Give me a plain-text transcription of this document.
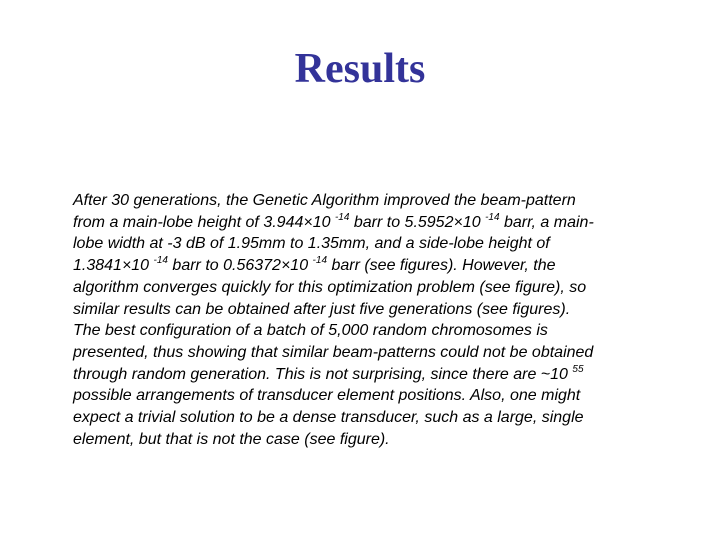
Results
After 30 generations, the Genetic Algorithm improved the beam-pattern
from a main-lobe height of 3.944×10 $^{-14}$ barr to 5.5952×10 $^{-14}$ barr, a main-
lobe width at -3 dB of 1.95mm to 1.35mm, and a side-lobe height of
1.3841×10 $^{-14}$ barr to 0.56372×10 $^{-14}$ barr (see figures). However, the
algorithm converges quickly for this optimization problem (see figure), so
similar results can be obtained after just five generations (see figures).
The best configuration of a batch of 5,000 random chromosomes is
presented, thus showing that similar beam-patterns could not be obtained
through random generation. This is not surprising, since there are ~10 $^{55}$
possible arrangements of transducer element positions. Also, one might
expect a trivial solution to be a dense transducer, such as a large, single
element, but that is not the case (see figure).
